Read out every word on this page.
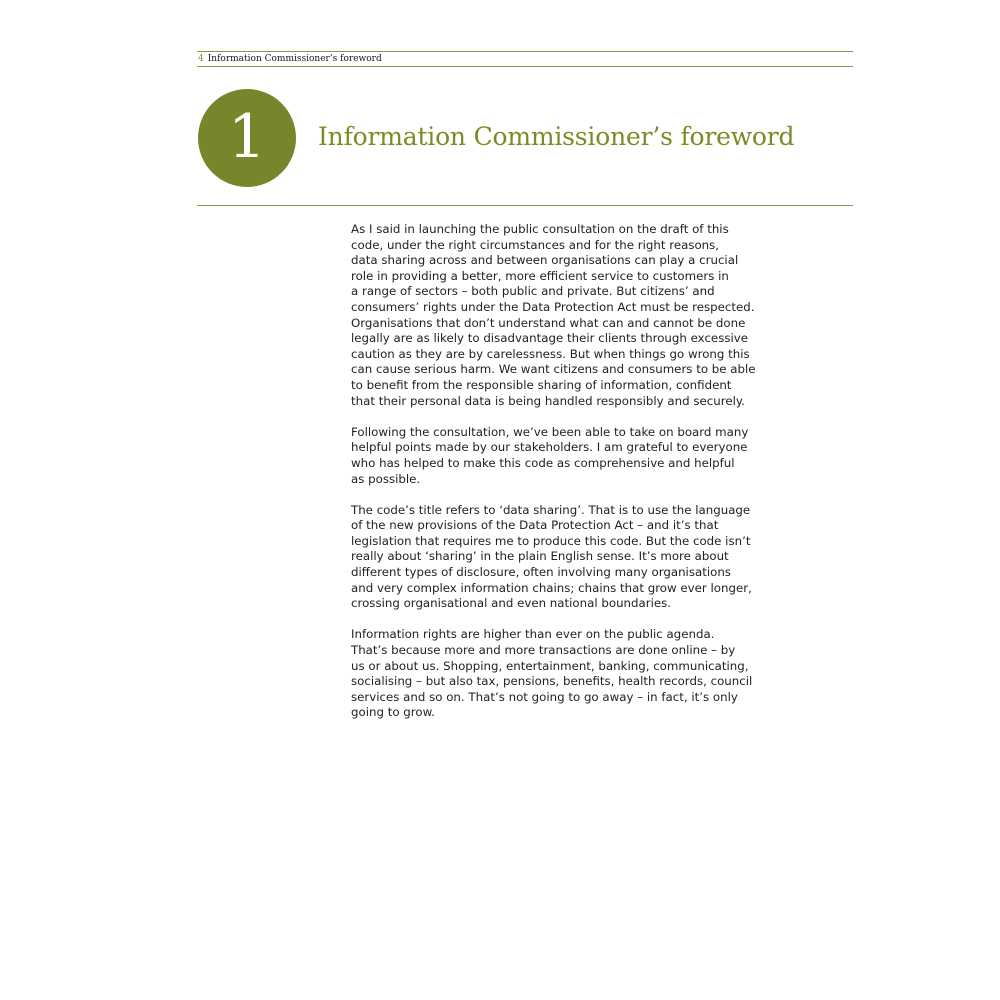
4 Information Commissioner’s foreword
1 Information Commissioner’s foreword

As I said in launching the public consultation on the draft of this
code, under the right circumstances and for the right reasons,
data sharing across and between organisations can play a crucial
role in providing a better, more efficient service to customers in
a range of sectors – both public and private. But citizens’ and
consumers’ rights under the Data Protection Act must be respected.
Organisations that don’t understand what can and cannot be done
legally are as likely to disadvantage their clients through excessive
caution as they are by carelessness. But when things go wrong this
can cause serious harm. We want citizens and consumers to be able
to benefit from the responsible sharing of information, confident
that their personal data is being handled responsibly and securely.

Following the consultation, we’ve been able to take on board many
helpful points made by our stakeholders. I am grateful to everyone
who has helped to make this code as comprehensive and helpful
as possible.

The code’s title refers to ‘data sharing’. That is to use the language
of the new provisions of the Data Protection Act – and it’s that
legislation that requires me to produce this code. But the code isn’t
really about ‘sharing’ in the plain English sense. It’s more about
different types of disclosure, often involving many organisations
and very complex information chains; chains that grow ever longer,
crossing organisational and even national boundaries.

Information rights are higher than ever on the public agenda.
That’s because more and more transactions are done online – by
us or about us. Shopping, entertainment, banking, communicating,
socialising – but also tax, pensions, benefits, health records, council
services and so on. That’s not going to go away – in fact, it’s only
going to grow.
